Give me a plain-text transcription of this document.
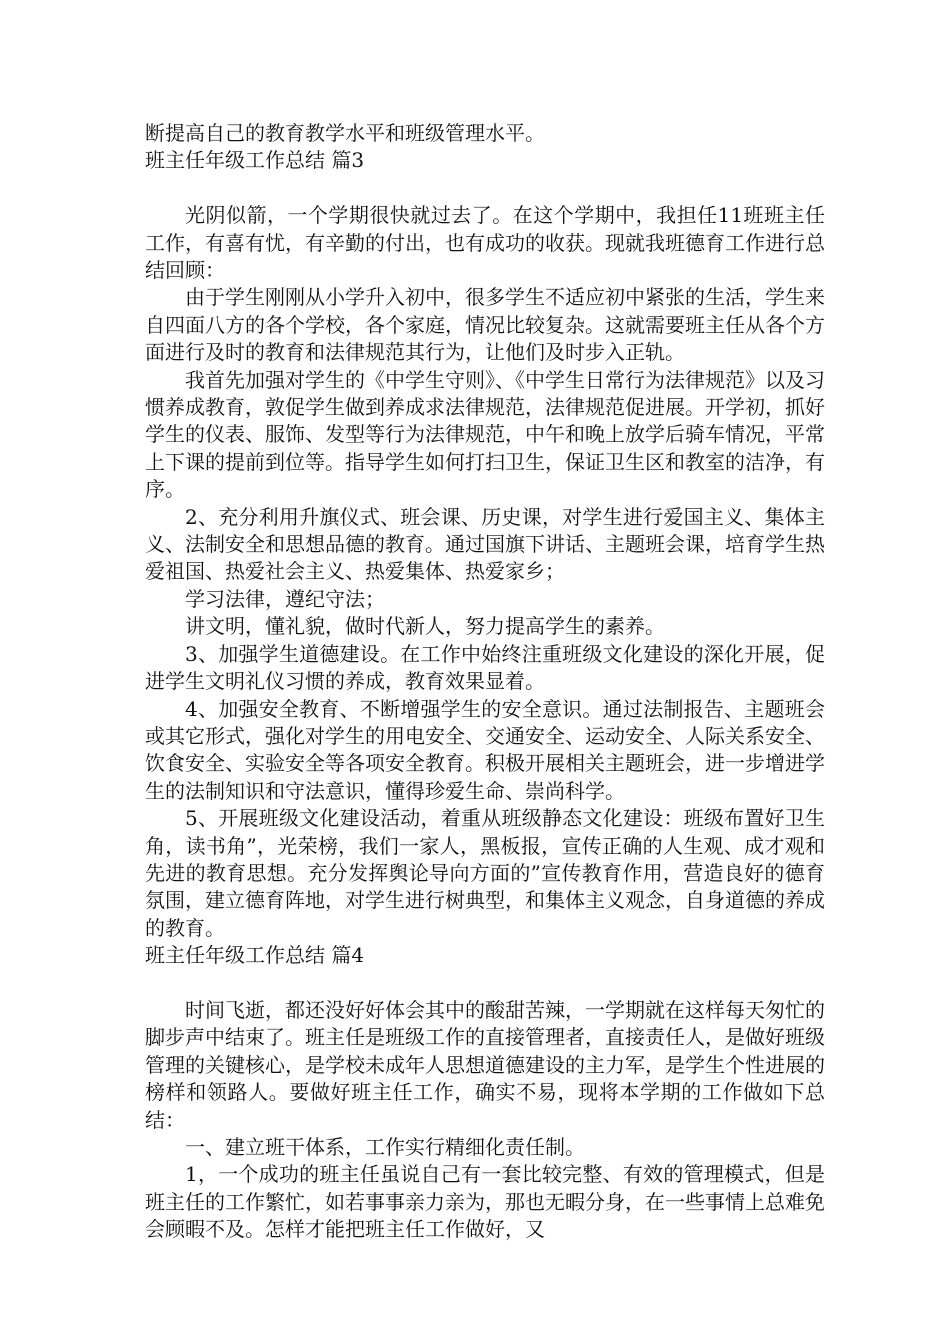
断提高自己的教育教学水平和班级管理水平。

班主任年级工作总结 篇3

光阴似箭，一个学期很快就过去了。在这个学期中，我担任11班班主任工作，有喜有忧，有辛勤的付出，也有成功的收获。现就我班德育工作进行总结回顾：

由于学生刚刚从小学升入初中，很多学生不适应初中紧张的生活，学生来自四面八方的各个学校，各个家庭，情况比较复杂。这就需要班主任从各个方面进行及时的教育和法律规范其行为，让他们及时步入正轨。

我首先加强对学生的《中学生守则》、《中学生日常行为法律规范》以及习惯养成教育，敦促学生做到养成求法律规范，法律规范促进展。开学初，抓好学生的仪表、服饰、发型等行为法律规范，中午和晚上放学后骑车情况，平常上下课的提前到位等。指导学生如何打扫卫生，保证卫生区和教室的洁净，有序。

2、充分利用升旗仪式、班会课、历史课，对学生进行爱国主义、集体主义、法制安全和思想品德的教育。通过国旗下讲话、主题班会课，培育学生热爱祖国、热爱社会主义、热爱集体、热爱家乡；

学习法律，遵纪守法；

讲文明，懂礼貌，做时代新人，努力提高学生的素养。

3、加强学生道德建设。在工作中始终注重班级文化建设的深化开展，促进学生文明礼仪习惯的养成，教育效果显着。

4、加强安全教育、不断增强学生的安全意识。通过法制报告、主题班会或其它形式，强化对学生的用电安全、交通安全、运动安全、人际关系安全、饮食安全、实验安全等各项安全教育。积极开展相关主题班会，进一步增进学生的法制知识和守法意识，懂得珍爱生命、崇尚科学。

5、开展班级文化建设活动，着重从班级静态文化建设：班级布置好卫生角，读书角”，光荣榜，我们一家人，黑板报，宣传正确的人生观、成才观和先进的教育思想。充分发挥舆论导向方面的”宣传教育作用，营造良好的德育氛围，建立德育阵地，对学生进行树典型，和集体主义观念，自身道德的养成的教育。

班主任年级工作总结 篇4

时间飞逝，都还没好好体会其中的酸甜苦辣，一学期就在这样每天匆忙的脚步声中结束了。班主任是班级工作的直接管理者，直接责任人，是做好班级管理的关键核心，是学校未成年人思想道德建设的主力军，是学生个性进展的榜样和领路人。要做好班主任工作，确实不易，现将本学期的工作做如下总结：

一、建立班干体系，工作实行精细化责任制。

1，一个成功的班主任虽说自己有一套比较完整、有效的管理模式，但是班主任的工作繁忙，如若事事亲力亲为，那也无暇分身，在一些事情上总难免会顾暇不及。怎样才能把班主任工作做好，又
